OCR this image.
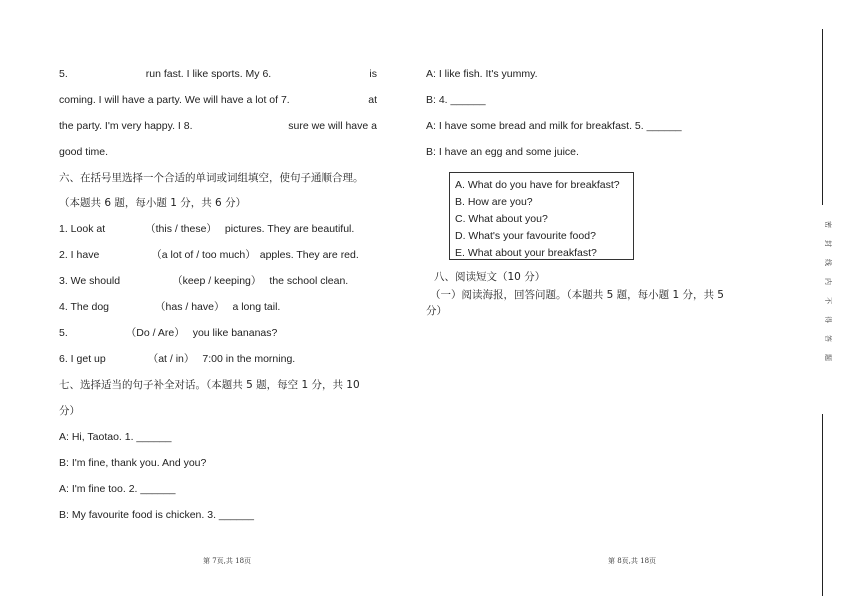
5.	run fast. I like sports. My 6.	is
coming. I will have a party. We will have a lot of 7.	at
the party. I'm very happy. I 8.	sure we will have a
good time.
六、在括号里选择一个合适的单词或词组填空，使句子通顺合理。
（本题共 6 题，每小题 1 分，共 6 分）
1. Look at	（this / these） pictures. They are beautiful.
2. I have	（a lot of / too much） apples. They are red.
3. We should	（keep / keeping） the school clean.
4. The dog	（has / have） a long tail.
5.	（Do / Are） you like bananas?
6. I get up	（at / in） 7:00 in the morning.
七、选择适当的句子补全对话。（本题共 5 题，每空 1 分，共 10
分）
A: Hi, Taotao. 1. ______
B: I'm fine, thank you. And you?
A: I'm fine too. 2. ______
B: My favourite food is chicken. 3. ______
A: I like fish. It's yummy.
B: 4. ______
A: I have some bread and milk for breakfast. 5. ______
B: I have an egg and some juice.
A. What do you have for breakfast?
B. How are you?
C. What about you?
D. What's your favourite food?
E. What about your breakfast?
八、阅读短文（10 分）
（一）阅读海报，回答问题。（本题共 5 题，每小题 1 分，共 5
分）
第 7页,共 18页	第 8页,共 18页
密
封
线
内
不
得
答
题
